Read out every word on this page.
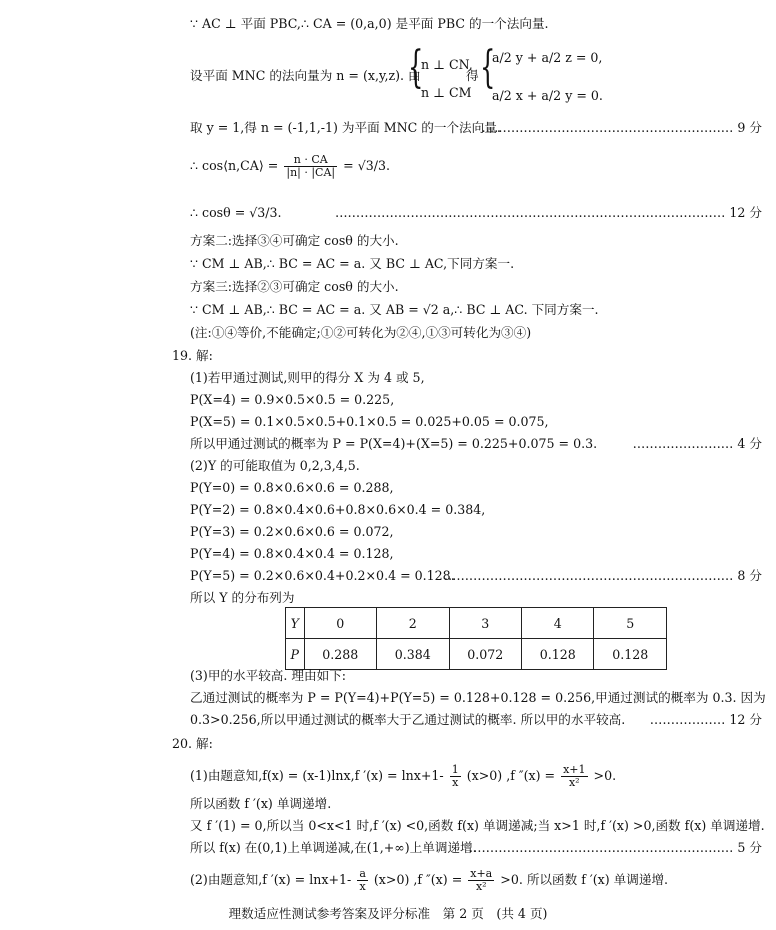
∵ AC ⊥ 平面 PBC,∴ CA = (0,a,0) 是平面 PBC 的一个法向量.
设平面 MNC 的法向量为 n = (x,y,z). 由
{
n ⊥ CN,
n ⊥ CM
得 {
a/2 y + a/2 z = 0,
a/2 x + a/2 y = 0.
取 y = 1,得 n = (-1,1,-1) 为平面 MNC 的一个法向量.
…………………………………………………… 9 分
∴ cos⟨n,CA⟩ = $\frac{n \cdot CA}{|n| \cdot |CA|} = √3/3$.
∴ cosθ = √3/3.	………………………………………………………………………………… 12 分
方案二:选择③④可确定 cosθ 的大小.
∵ CM ⊥ AB,∴ BC = AC = a. 又 BC ⊥ AC,下同方案一.
方案三:选择②③可确定 cosθ 的大小.
∵ CM ⊥ AB,∴ BC = AC = a. 又 AB = √2 a,∴ BC ⊥ AC. 下同方案一.
(注:①④等价,不能确定;①②可转化为②④,①③可转化为③④)
19. 解:
(1)若甲通过测试,则甲的得分 X 为 4 或 5,
P(X=4) = 0.9×0.5×0.5 = 0.225,
P(X=5) = 0.1×0.5×0.5+0.1×0.5 = 0.025+0.05 = 0.075,
所以甲通过测试的概率为 P = P(X=4)+(X=5) = 0.225+0.075 = 0.3.	…………………… 4 分
(2)Y 的可能取值为 0,2,3,4,5.
P(Y=0) = 0.8×0.6×0.6 = 0.288,
P(Y=2) = 0.8×0.4×0.6+0.8×0.6×0.4 = 0.384,
P(Y=3) = 0.2×0.6×0.6 = 0.072,
P(Y=4) = 0.8×0.4×0.4 = 0.128,
P(Y=5) = 0.2×0.6×0.4+0.2×0.4 = 0.128.
…………………………………………………………… 8 分
所以 Y 的分布列为
Y	0	2	3	4	5
P	0.288	0.384	0.072	0.128	0.128
(3)甲的水平较高. 理由如下:
乙通过测试的概率为 P = P(Y=4)+P(Y=5) = 0.128+0.128 = 0.256,甲通过测试的概率为 0.3. 因为
0.3>0.256,所以甲通过测试的概率大于乙通过测试的概率. 所以甲的水平较高. ……………… 12 分
20. 解:
(1)由题意知,f(x) = (x-1)lnx,f $'(x) = \ln x+1- \frac{1}{x} (x>0)$ ,f $''(x) = \frac{x+1}{\text{x²}} >0$.
所以函数 f ′(x) 单调递增.
又 f ′(1) = 0,所以当 0<x<1 时,f ′(x) <0,函数 f(x) 单调递减;当 x>1 时,f ′(x) >0,函数 f(x) 单调递增.
所以 f(x) 在(0,1)上单调递减,在(1,+∞)上单调递增.
……………………………………………………… 5 分
(2)由题意知,f $'(x) = \ln x+1- \frac{a}{x} (x>0)$ ,f $''(x) = \frac{x+a}{\text{x²}} >0$. 所以函数 f ′(x) 单调递增.
理数适应性测试参考答案及评分标准　第 2 页　(共 4 页)
